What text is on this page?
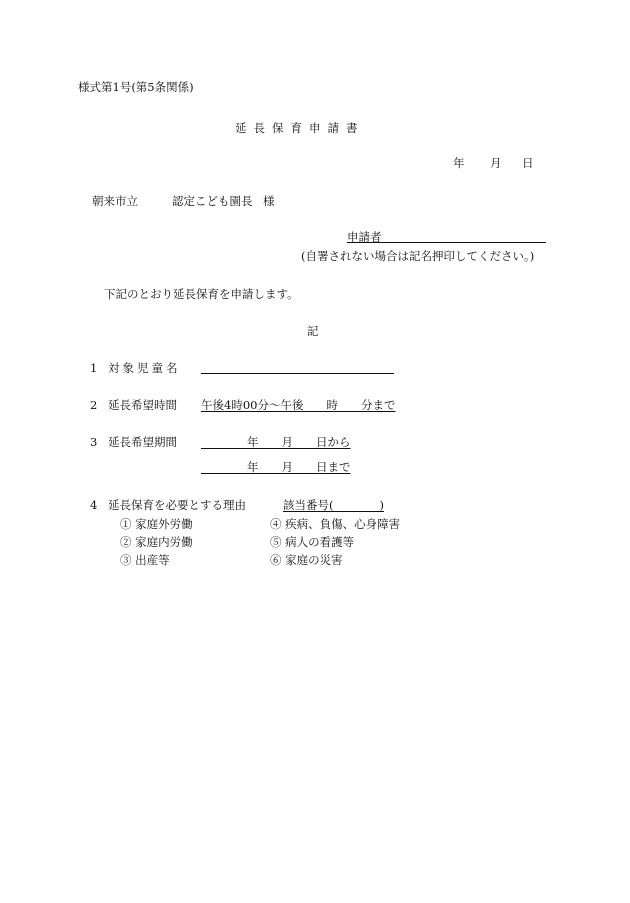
様式第1号(第5条関係)
延長保育申請書
年 月 日
朝来市立	認定こども園長 様
申請者
(自署されない場合は記名押印してください。)
下記のとおり延長保育を申請します。
記
1 対象児童名
2 延長希望時間 午後4時00分〜午後　　時　　分まで
3 延長希望期間 　　　　年　　月　　日から
　　　　年　　月　　日まで
4 延長保育を必要とする理由	該当番号(　　　　)
① 家庭外労働	④ 疾病、負傷、心身障害
② 家庭内労働	⑤ 病人の看護等
③ 出産等	⑥ 家庭の災害
